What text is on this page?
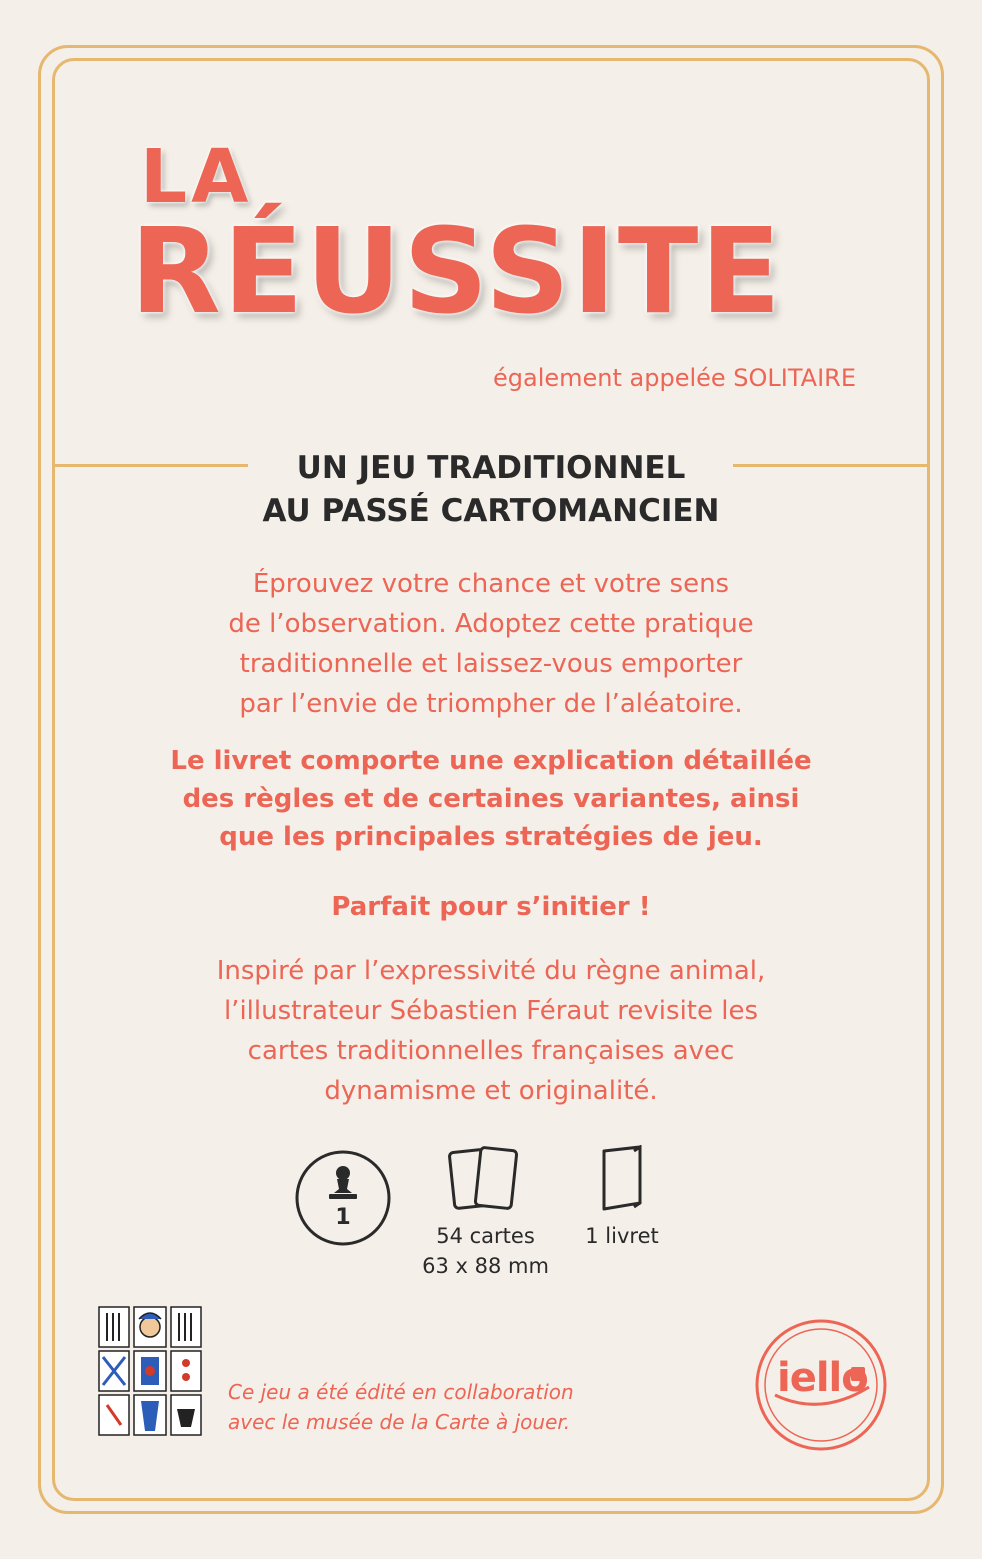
LA
RÉUSSITE
également appelée SOLITAIRE
UN JEU TRADITIONNEL
AU PASSÉ CARTOMANCIEN
Éprouvez votre chance et votre sens
de l’observation. Adoptez cette pratique
traditionnelle et laissez-vous emporter
par l’envie de triompher de l’aléatoire.
Le livret comporte une explication détaillée
des règles et de certaines variantes, ainsi
que les principales stratégies de jeu.
Parfait pour s’initier !
Inspiré par l’expressivité du règne animal,
l’illustrateur Sébastien Féraut revisite les
cartes traditionnelles françaises avec
dynamisme et originalité.
1
54 cartes
63 x 88 mm
1 livret
Ce jeu a été édité en collaboration
avec le musée de la Carte à jouer.
iello
